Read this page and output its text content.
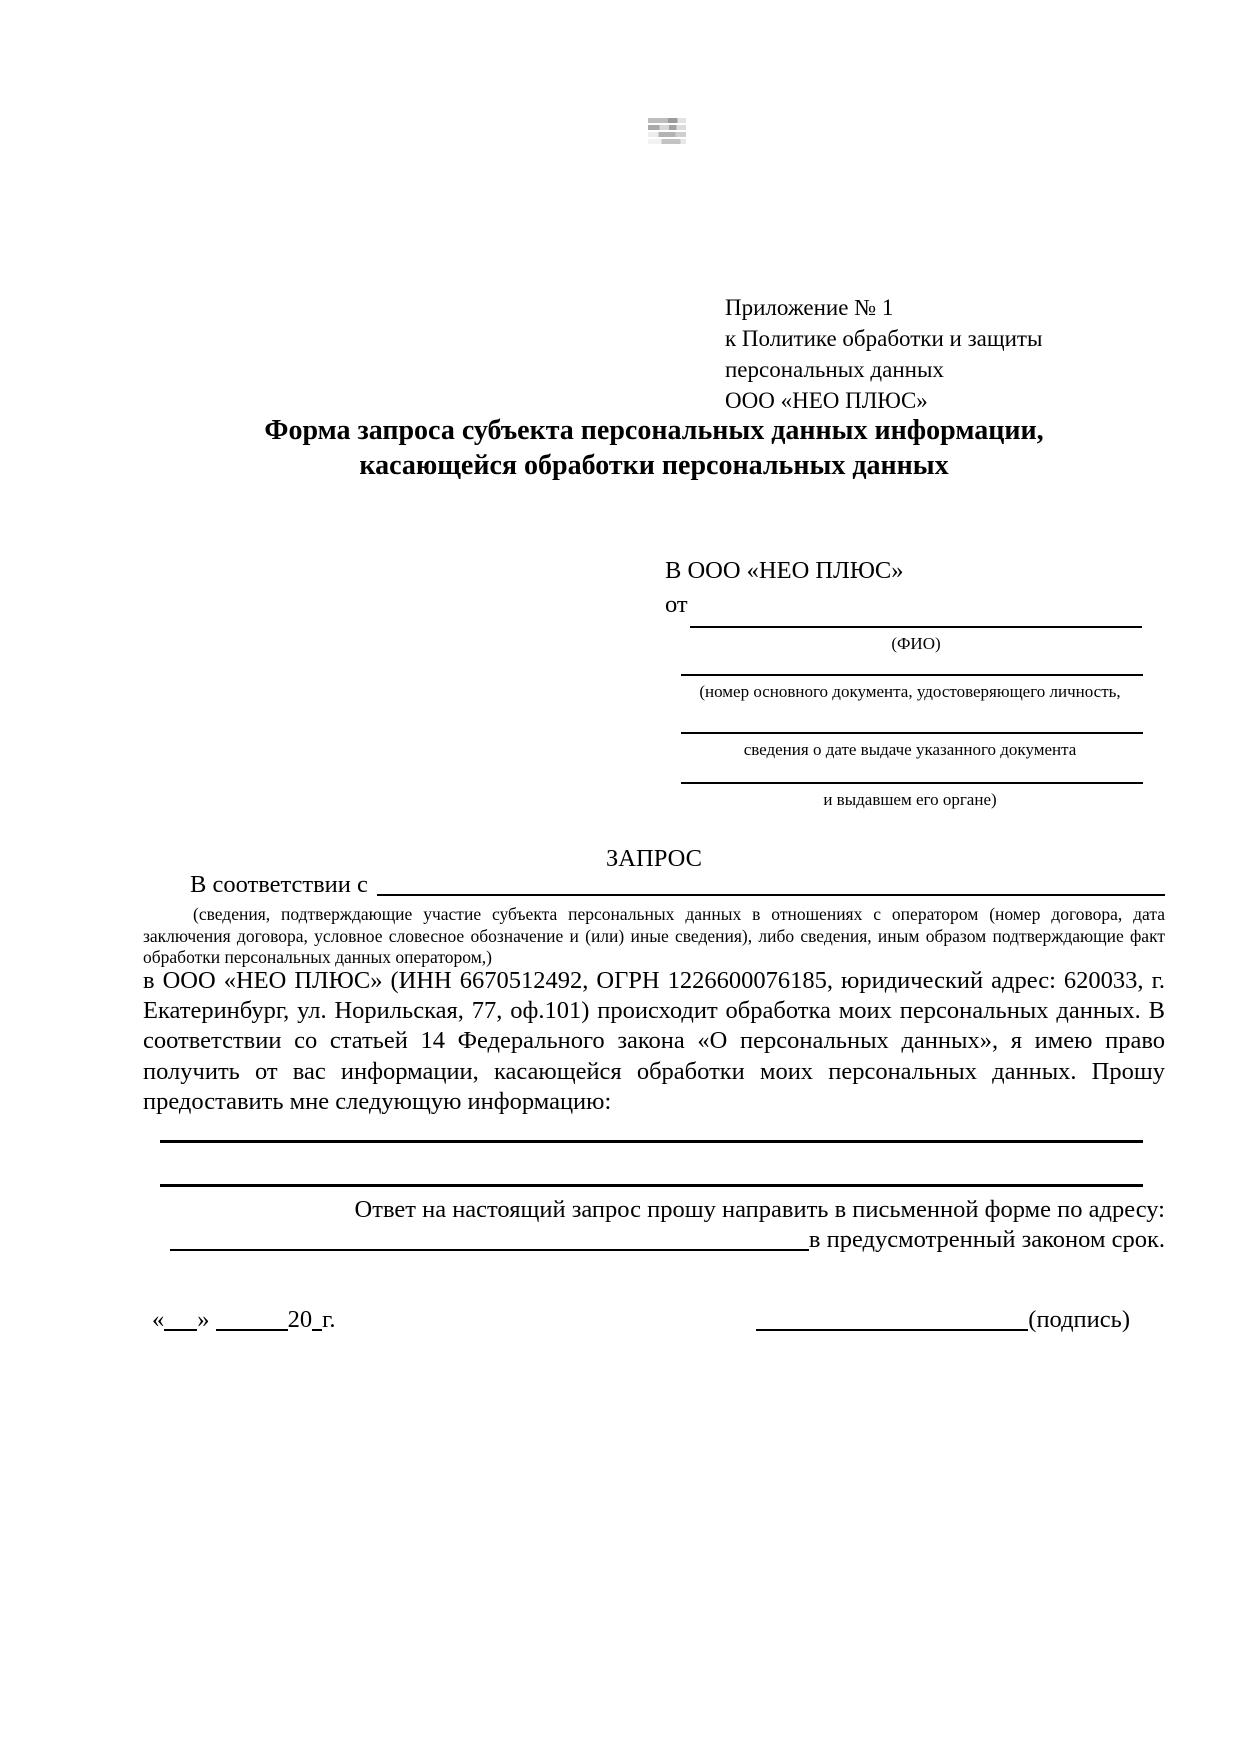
Приложение № 1
к Политике обработки и защиты
персональных данных
ООО «НЕО ПЛЮС»
Форма запроса субъекта персональных данных информации,
касающейся обработки персональных данных
В ООО «НЕО ПЛЮС»
от
(ФИО)
(номер основного документа, удостоверяющего личность,
сведения о дате выдаче указанного документа
и выдавшем его органе)
ЗАПРОС
В соответствии с
(сведения, подтверждающие участие субъекта персональных данных в отношениях с оператором (номер договора, дата заключения договора, условное словесное обозначение и (или) иные сведения), либо сведения, иным образом подтверждающие факт обработки персональных данных оператором,)
в ООО «НЕО ПЛЮС» (ИНН 6670512492, ОГРН 1226600076185, юридический адрес: 620033, г. Екатеринбург, ул. Норильская, 77, оф.101) происходит обработка моих персональных данных. В соответствии со статьей 14 Федерального закона «О персональных данных», я имею право получить от вас информации, касающейся обработки моих персональных данных. Прошу предоставить мне следующую информацию:
Ответ на настоящий запрос прошу направить в письменной форме по адресу:
в предусмотренный законом срок.
« »	20 г.	(подпись)
